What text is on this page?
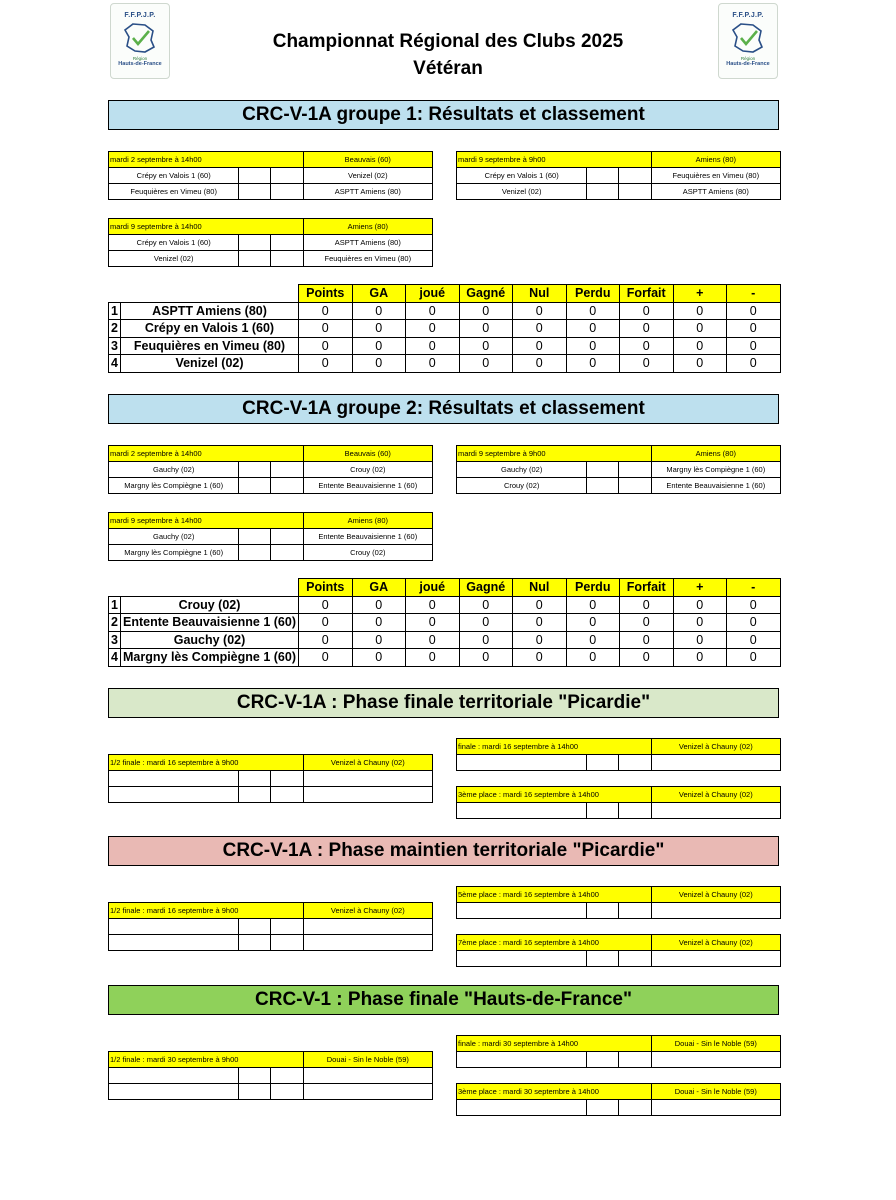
F.F.P.J.P.
Région
Hauts-de-France
F.F.P.J.P.
Région
Hauts-de-France
Championnat Régional des Clubs 2025
Vétéran
CRC-V-1A groupe 1: Résultats et classement
mardi 2 septembre à 14h00			Beauvais (60)
Crépy en Valois 1 (60)			Venizel (02)
Feuquières en Vimeu (80)			ASPTT Amiens (80)
mardi 9 septembre à 9h00			Amiens (80)
Crépy en Valois 1 (60)			Feuquières en Vimeu (80)
Venizel (02)			ASPTT Amiens (80)
mardi 9 septembre à 14h00			Amiens (80)
Crépy en Valois 1 (60)			ASPTT Amiens (80)
Venizel (02)			Feuquières en Vimeu (80)
		Points	GA	joué	Gagné	Nul	Perdu	Forfait	+	-
1	ASPTT Amiens (80)	0	0	0	0	0	0	0	0	0
2	Crépy en Valois 1 (60)	0	0	0	0	0	0	0	0	0
3	Feuquières en Vimeu (80)	0	0	0	0	0	0	0	0	0
4	Venizel (02)	0	0	0	0	0	0	0	0	0
CRC-V-1A groupe 2: Résultats et classement
mardi 2 septembre à 14h00			Beauvais (60)
Gauchy (02)			Crouy (02)
Margny lès Compiègne 1 (60)			Entente Beauvaisienne 1 (60)
mardi 9 septembre à 9h00			Amiens (80)
Gauchy (02)			Margny lès Compiègne 1 (60)
Crouy (02)			Entente Beauvaisienne 1 (60)
mardi 9 septembre à 14h00			Amiens (80)
Gauchy (02)			Entente Beauvaisienne 1 (60)
Margny lès Compiègne 1 (60)			Crouy (02)
		Points	GA	joué	Gagné	Nul	Perdu	Forfait	+	-
1	Crouy (02)	0	0	0	0	0	0	0	0	0
2	Entente Beauvaisienne 1 (60)	0	0	0	0	0	0	0	0	0
3	Gauchy (02)	0	0	0	0	0	0	0	0	0
4	Margny lès Compiègne 1 (60)	0	0	0	0	0	0	0	0	0
CRC-V-1A : Phase finale territoriale "Picardie"
1/2 finale : mardi 16 septembre à 9h00			Venizel à Chauny (02)

finale : mardi 16 septembre à 14h00			Venizel à Chauny (02)

3ème place : mardi 16 septembre à 14h00			Venizel à Chauny (02)

CRC-V-1A : Phase maintien territoriale "Picardie"
1/2 finale : mardi 16 septembre à 9h00			Venizel à Chauny (02)

5ème place : mardi 16 septembre à 14h00			Venizel à Chauny (02)

7ème place : mardi 16 septembre à 14h00			Venizel à Chauny (02)

CRC-V-1 : Phase finale "Hauts-de-France"
1/2 finale : mardi 30 septembre à 9h00			Douai - Sin le Noble (59)

finale : mardi 30 septembre à 14h00			Douai - Sin le Noble (59)

3ème place : mardi 30 septembre à 14h00			Douai - Sin le Noble (59)
